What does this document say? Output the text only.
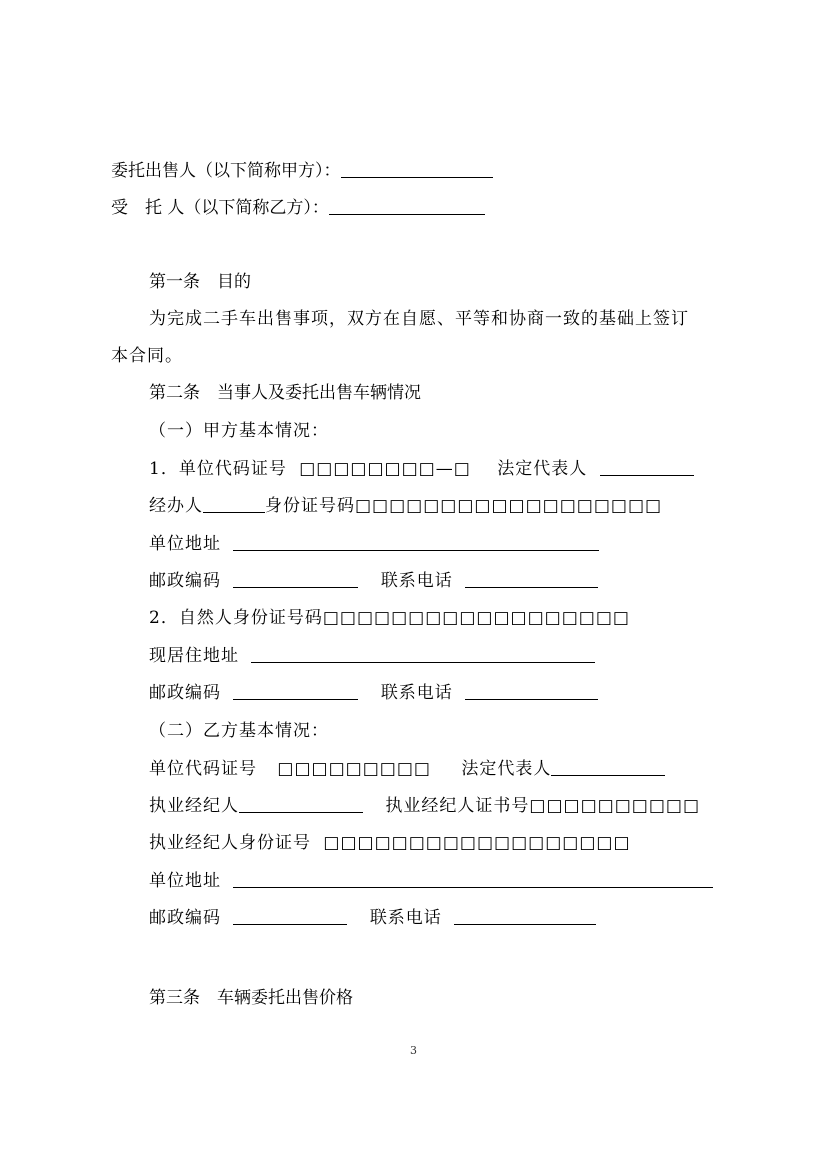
委托出售人（以下简称甲方）：
受　托 人（以下简称乙方）：
第一条　目的
为完成二手车出售事项，双方在自愿、平等和协商一致的基础上签订
本合同。
第二条　当事人及委托出售车辆情况
（一）甲方基本情况：
1．单位代码证号 □□□□□□□□—□ 法定代表人
经办人	身份证号码□□□□□□□□□□□□□□□□□□
单位地址
邮政编码	联系电话
2．自然人身份证号码□□□□□□□□□□□□□□□□□□
现居住地址
邮政编码	联系电话
（二）乙方基本情况：
单位代码证号 □□□□□□□□□ 法定代表人
执业经纪人	执业经纪人证书号□□□□□□□□□□
执业经纪人身份证号 □□□□□□□□□□□□□□□□□□
单位地址
邮政编码	联系电话
第三条　车辆委托出售价格
3
